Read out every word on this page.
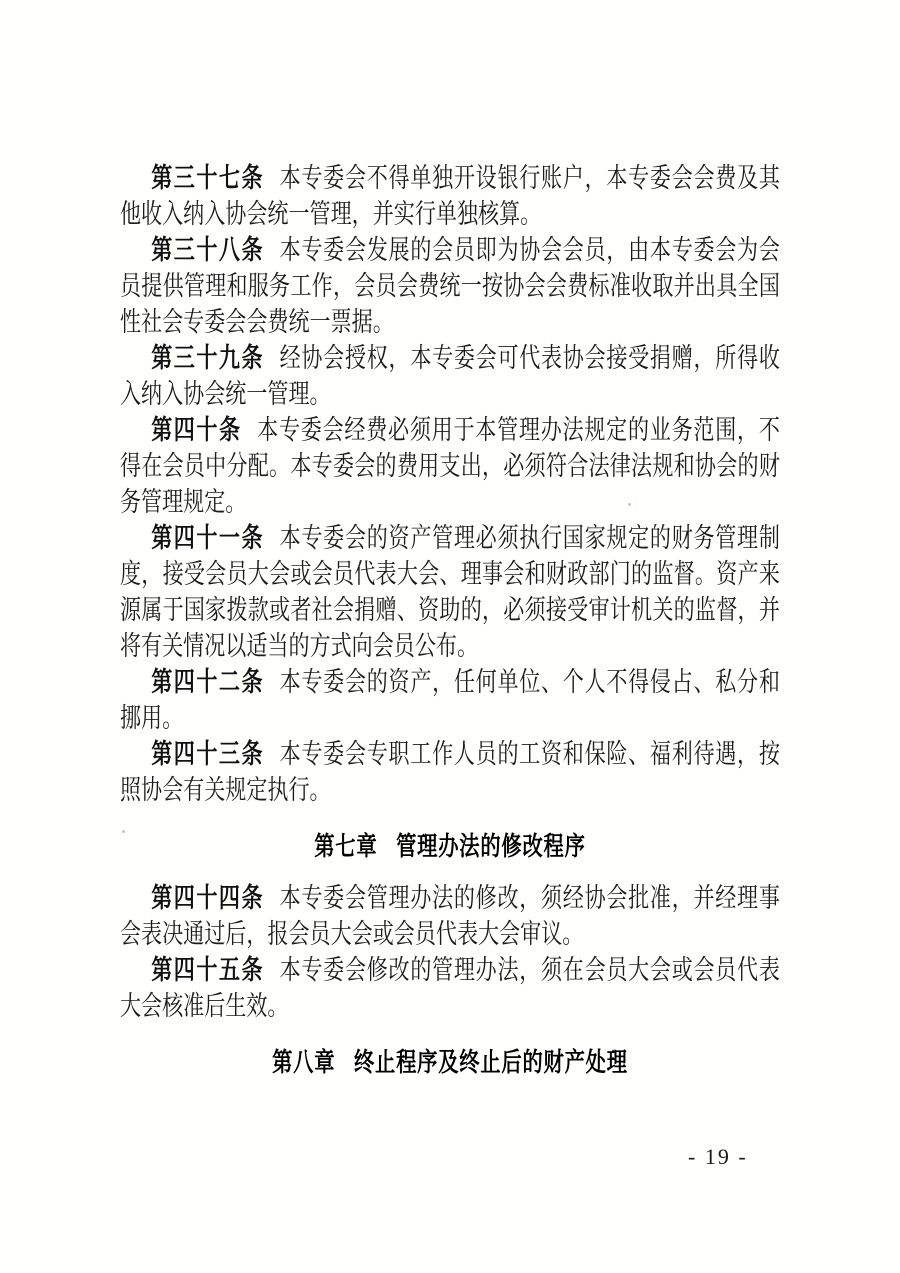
第三十七条 本专委会不得单独开设银行账户，本专委会会费及其他收入纳入协会统一管理，并实行单独核算。

第三十八条 本专委会发展的会员即为协会会员，由本专委会为会员提供管理和服务工作，会员会费统一按协会会费标准收取并出具全国性社会专委会会费统一票据。

第三十九条 经协会授权，本专委会可代表协会接受捐赠，所得收入纳入协会统一管理。

第四十条 本专委会经费必须用于本管理办法规定的业务范围，不得在会员中分配。本专委会的费用支出，必须符合法律法规和协会的财务管理规定。

第四十一条 本专委会的资产管理必须执行国家规定的财务管理制度，接受会员大会或会员代表大会、理事会和财政部门的监督。资产来源属于国家拨款或者社会捐赠、资助的，必须接受审计机关的监督，并将有关情况以适当的方式向会员公布。

第四十二条 本专委会的资产，任何单位、个人不得侵占、私分和挪用。

第四十三条 本专委会专职工作人员的工资和保险、福利待遇，按照协会有关规定执行。

第七章 管理办法的修改程序

第四十四条 本专委会管理办法的修改，须经协会批准，并经理事会表决通过后，报会员大会或会员代表大会审议。

第四十五条 本专委会修改的管理办法，须在会员大会或会员代表大会核准后生效。

第八章 终止程序及终止后的财产处理
- 19 -
